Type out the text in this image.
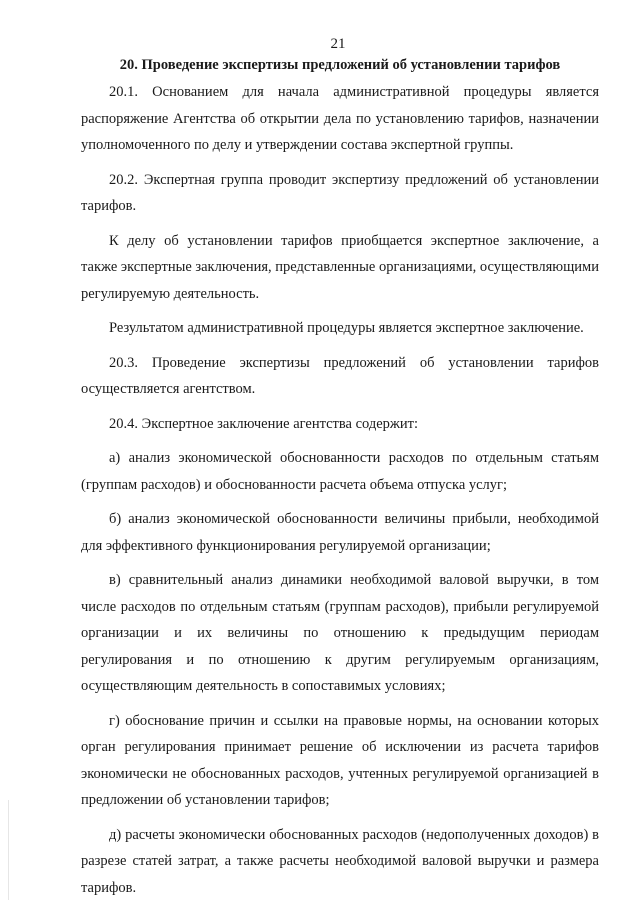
21
20. Проведение экспертизы предложений об установлении тарифов

20.1. Основанием для начала административной процедуры является распоряжение Агентства об открытии дела по установлению тарифов, назначении уполномоченного по делу и утверждении состава экспертной группы.

20.2. Экспертная группа проводит экспертизу предложений об установлении тарифов.

К делу об установлении тарифов приобщается экспертное заключение, а также экспертные заключения, представленные организациями, осуществляющими регулируемую деятельность.

Результатом административной процедуры является экспертное заключение.

20.3. Проведение экспертизы предложений об установлении тарифов осуществляется агентством.

20.4. Экспертное заключение агентства содержит:

а) анализ экономической обоснованности расходов по отдельным статьям (группам расходов) и обоснованности расчета объема отпуска услуг;

б) анализ экономической обоснованности величины прибыли, необходимой для эффективного функционирования регулируемой организации;

в) сравнительный анализ динамики необходимой валовой выручки, в том числе расходов по отдельным статьям (группам расходов), прибыли регулируемой организации и их величины по отношению к предыдущим периодам регулирования и по отношению к другим регулируемым организациям, осуществляющим деятельность в сопоставимых условиях;

г) обоснование причин и ссылки на правовые нормы, на основании которых орган регулирования принимает решение об исключении из расчета тарифов экономически не обоснованных расходов, учтенных регулируемой организацией в предложении об установлении тарифов;

д) расчеты экономически обоснованных расходов (недополученных доходов) в разрезе статей затрат, а также расчеты необходимой валовой выручки и размера тарифов.
